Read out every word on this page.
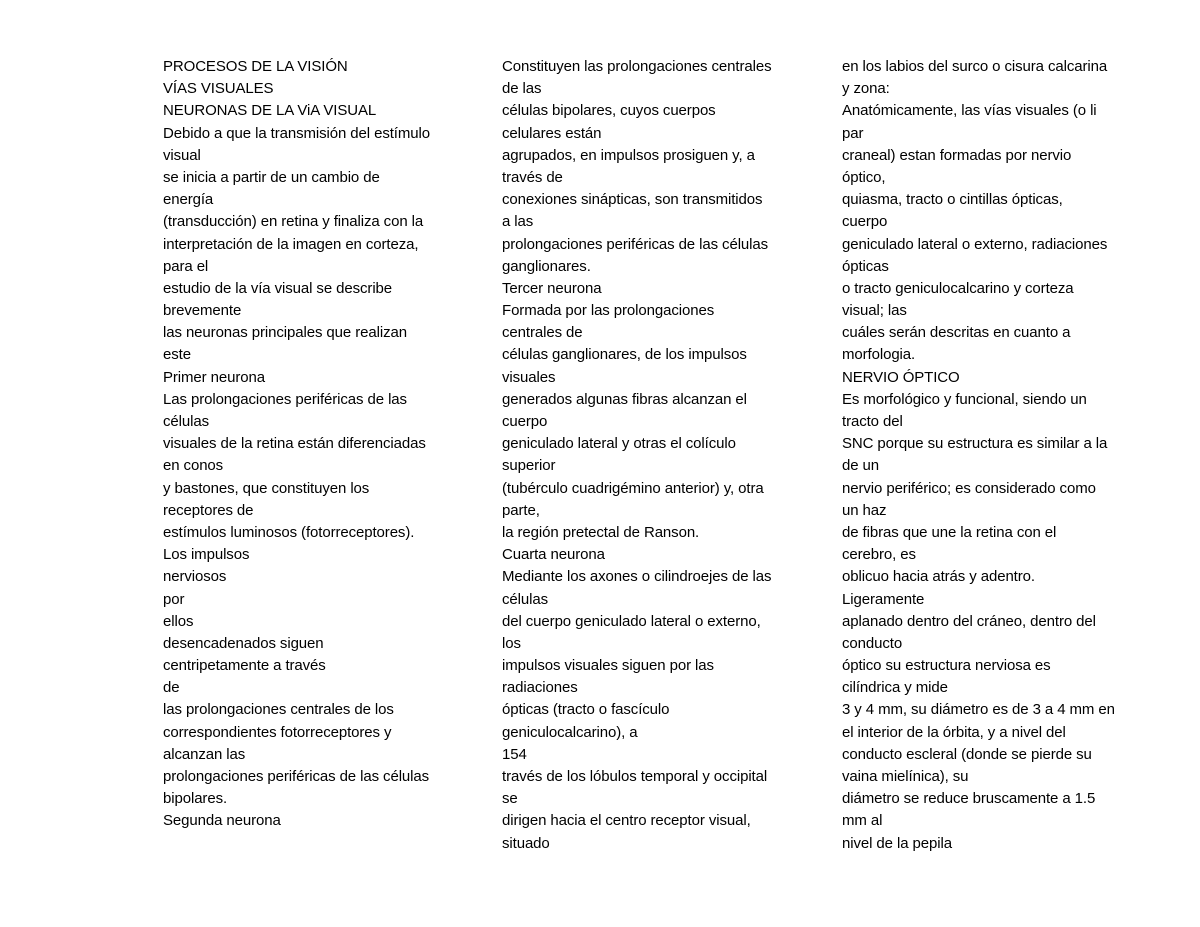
PROCESOS DE LA VISIÓN
VÍAS VISUALES
NEURONAS DE LA ViA VISUAL
Debido a que la transmisión del estímulo
visual
se inicia a partir de un cambio de
energía
(transducción) en retina y finaliza con la
interpretación de la imagen en corteza,
para el
estudio de la vía visual se describe
brevemente
las neuronas principales que realizan
este
Primer neurona
Las prolongaciones periféricas de las
células
visuales de la retina están diferenciadas
en conos
y bastones, que constituyen los
receptores de
estímulos luminosos (fotorreceptores).
Los impulsos
nerviosos
por
ellos
desencadenados siguen
centripetamente a través
de
las prolongaciones centrales de los
correspondientes fotorreceptores y
alcanzan las
prolongaciones periféricas de las células
bipolares.
Segunda neurona
Constituyen las prolongaciones centrales
de las
células bipolares, cuyos cuerpos
celulares están
agrupados, en impulsos prosiguen y, a
través de
conexiones sinápticas, son transmitidos
a las
prolongaciones periféricas de las células
ganglionares.
Tercer neurona
Formada por las prolongaciones
centrales de
células ganglionares, de los impulsos
visuales
generados algunas fibras alcanzan el
cuerpo
geniculado lateral y otras el colículo
superior
(tubérculo cuadrigémino anterior) y, otra
parte,
la región pretectal de Ranson.
Cuarta neurona
Mediante los axones o cilindroejes de las
células
del cuerpo geniculado lateral o externo,
los
impulsos visuales siguen por las
radiaciones
ópticas (tracto o fascículo
geniculocalcarino), a
154
través de los lóbulos temporal y occipital
se
dirigen hacia el centro receptor visual,
situado
en los labios del surco o cisura calcarina
y zona:
Anatómicamente, las vías visuales (o li
par
craneal) estan formadas por nervio
óptico,
quiasma, tracto o cintillas ópticas,
cuerpo
geniculado lateral o externo, radiaciones
ópticas
o tracto geniculocalcarino y corteza
visual; las
cuáles serán descritas en cuanto a
morfologia.
NERVIO ÓPTICO
Es morfológico y funcional, siendo un
tracto del
SNC porque su estructura es similar a la
de un
nervio periférico; es considerado como
un haz
de fibras que une la retina con el
cerebro, es
oblicuo hacia atrás y adentro.
Ligeramente
aplanado dentro del cráneo, dentro del
conducto
óptico su estructura nerviosa es
cilíndrica y mide
3 y 4 mm, su diámetro es de 3 a 4 mm en
el interior de la órbita, y a nivel del
conducto escleral (donde se pierde su
vaina mielínica), su
diámetro se reduce bruscamente a 1.5
mm al
nivel de la pepila
